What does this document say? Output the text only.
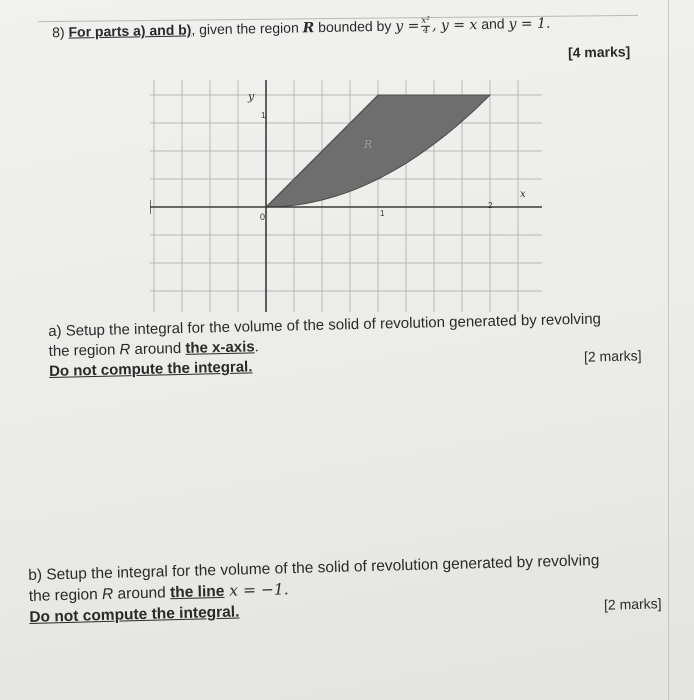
8) For parts a) and b), given the region R bounded by $y = \frac{\text{x²}}{4}$ , y = x and y = 1.
[4 marks]
y
0	1
2
1
x
R
a) Setup the integral for the volume of the solid of revolution generated by revolving
the region R around the x-axis.
Do not compute the integral.
[2 marks]
b) Setup the integral for the volume of the solid of revolution generated by revolving
the region R around the line x = −1.
Do not compute the integral.	[2 marks]
